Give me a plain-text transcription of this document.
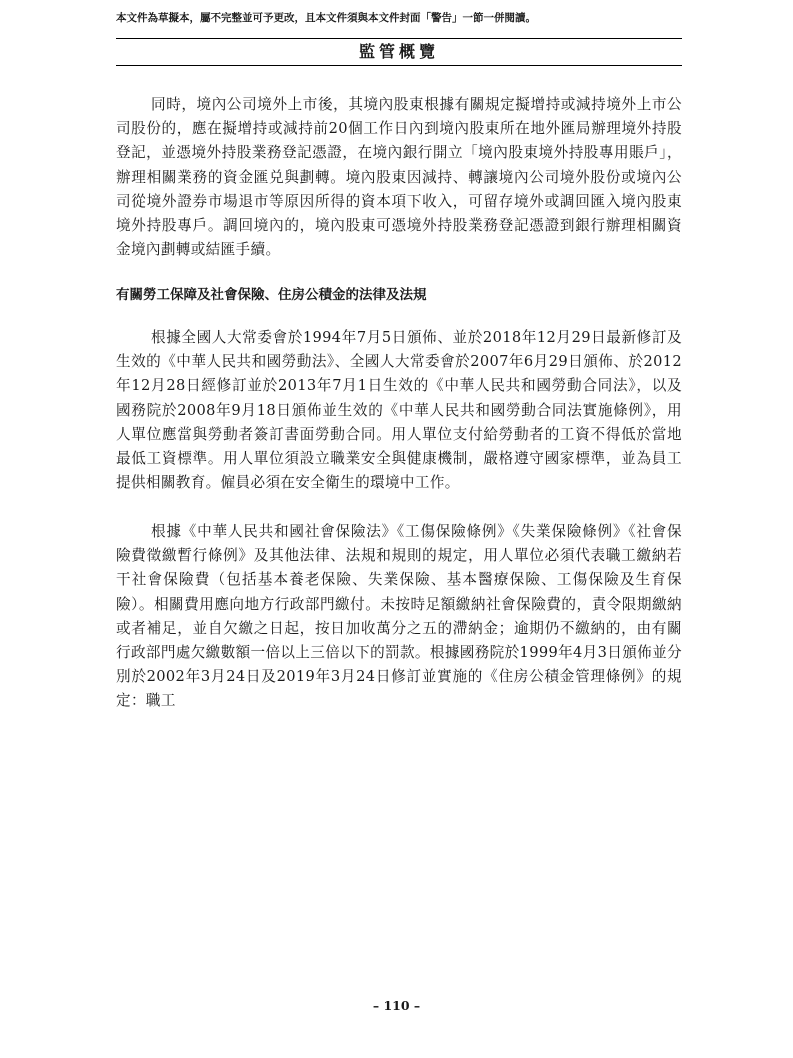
本文件為草擬本，屬不完整並可予更改，且本文件須與本文件封面「警告」一節一併閱讀。
監管概覽

同時，境內公司境外上市後，其境內股東根據有關規定擬增持或減持境外上市公司股份的，應在擬增持或減持前20個工作日內到境內股東所在地外匯局辦理境外持股登記，並憑境外持股業務登記憑證，在境內銀行開立「境內股東境外持股專用賬戶」，辦理相關業務的資金匯兑與劃轉。境內股東因減持、轉讓境內公司境外股份或境內公司從境外證券市場退市等原因所得的資本項下收入，可留存境外或調回匯入境內股東境外持股專戶。調回境內的，境內股東可憑境外持股業務登記憑證到銀行辦理相關資金境內劃轉或結匯手續。

有關勞工保障及社會保險、住房公積金的法律及法規

根據全國人大常委會於1994年7月5日頒佈、並於2018年12月29日最新修訂及生效的《中華人民共和國勞動法》、全國人大常委會於2007年6月29日頒佈、於2012年12月28日經修訂並於2013年7月1日生效的《中華人民共和國勞動合同法》，以及國務院於2008年9月18日頒佈並生效的《中華人民共和國勞動合同法實施條例》，用人單位應當與勞動者簽訂書面勞動合同。用人單位支付給勞動者的工資不得低於當地最低工資標準。用人單位須設立職業安全與健康機制，嚴格遵守國家標準，並為員工提供相關教育。僱員必須在安全衛生的環境中工作。

根據《中華人民共和國社會保險法》《工傷保險條例》《失業保險條例》《社會保險費徵繳暫行條例》及其他法律、法規和規則的規定，用人單位必須代表職工繳納若干社會保險費（包括基本養老保險、失業保險、基本醫療保險、工傷保險及生育保險）。相關費用應向地方行政部門繳付。未按時足額繳納社會保險費的，責令限期繳納或者補足，並自欠繳之日起，按日加收萬分之五的滯納金；逾期仍不繳納的，由有關行政部門處欠繳數額一倍以上三倍以下的罰款。根據國務院於1999年4月3日頒佈並分別於2002年3月24日及2019年3月24日修訂並實施的《住房公積金管理條例》的規定：職工

– 110 –
